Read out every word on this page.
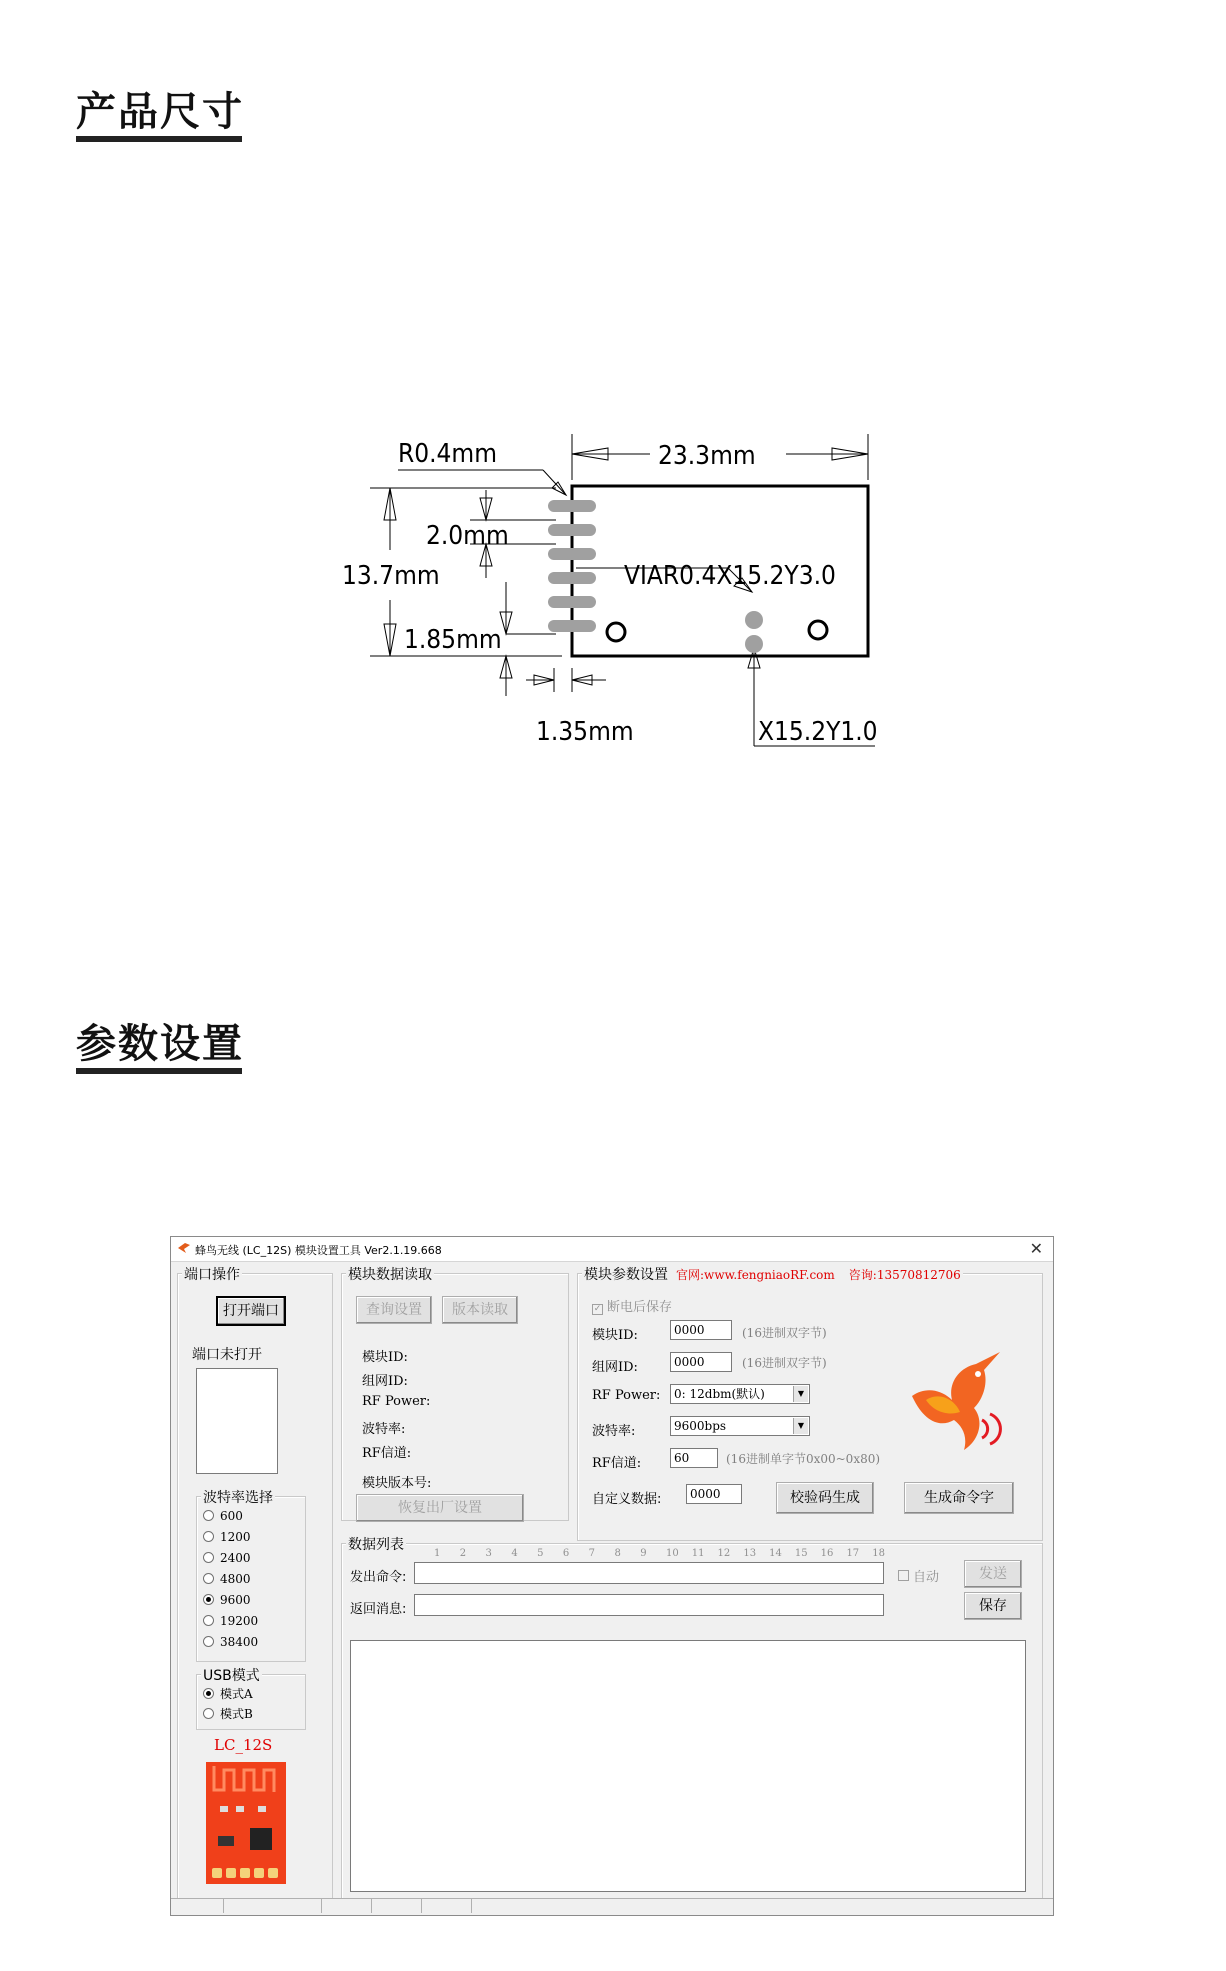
产品尺寸
R0.4mm	23.3mm
2.0mm
13.7mm	VIAR0.4X15.2Y3.0
1.85mm
1.35mm	X15.2Y1.0
参数设置
蜂鸟无线 (LC_12S) 模块设置工具 Ver2.1.19.668	✕
端口操作
打开端口
端口未打开
波特率选择
600
1200
2400
4800
9600
19200
38400
USB模式
模式A
模式B
LC_12S
模块数据读取
查询设置	版本读取
模块ID:
组网ID:
RF Power:
波特率:
RF信道:
模块版本号:
恢复出厂设置
模块参数设置 官网:www.fengniaoRF.com 咨询:13570812706
✓ 断电后保存
模块ID:	0000	(16进制双字节)
组网ID:	0000	(16进制双字节)
RF Power:	0: 12dbm(默认)	▼
波特率:	9600bps	▼
RF信道:	60	(16进制单字节0x00~0x80)
自定义数据:	0000	校验码生成	生成命令字
数据列表
1 2 3 4 5 6 7 8 9 10 11 12 13 14 15 16 17 18
发出命令:	自动	发送
返回消息:	保存
